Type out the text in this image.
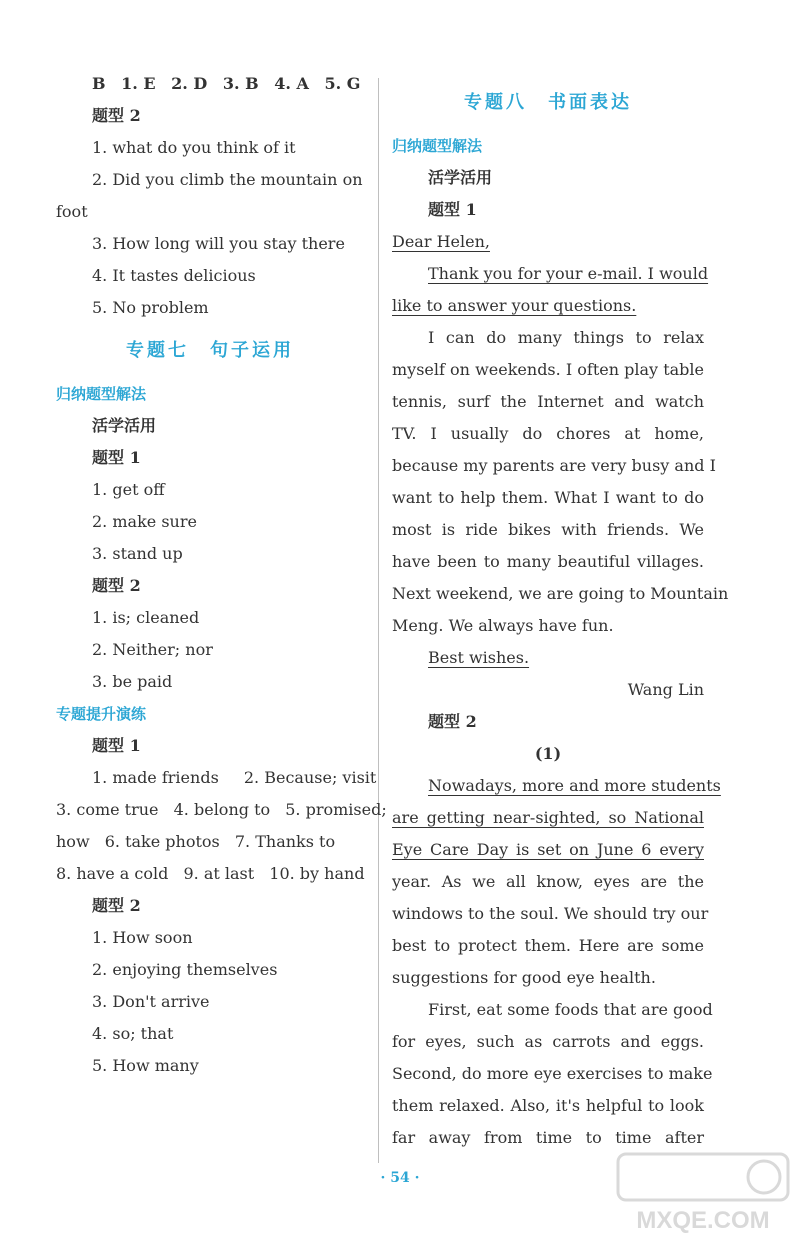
B 1. E 2. D 3. B 4. A 5. G
题型 2
1. what do you think of it
2. Did you climb the mountain on
foot
3. How long will you stay there
4. It tastes delicious
5. No problem
专题七　句子运用
归纳题型解法
活学活用
题型 1
1. get off
2. make sure
3. stand up
题型 2
1. is; cleaned
2. Neither; nor
3. be paid
专题提升演练
题型 1
1. made friends 2. Because; visit
3. come true 4. belong to 5. promised;
how 6. take photos 7. Thanks to
8. have a cold 9. at last 10. by hand
题型 2
1. How soon
2. enjoying themselves
3. Don't arrive
4. so; that
5. How many
专题八　书面表达
归纳题型解法
活学活用
题型 1
Dear Helen,
Thank you for your e-mail. I would
like to answer your questions.
I can do many things to relax
myself on weekends. I often play table
tennis, surf the Internet and watch
TV. I usually do chores at home,
because my parents are very busy and I
want to help them. What I want to do
most is ride bikes with friends. We
have been to many beautiful villages.
Next weekend, we are going to Mountain
Meng. We always have fun.
Best wishes.
Wang Lin
题型 2
(1)
Nowadays, more and more students
are getting near-sighted, so National
Eye Care Day is set on June 6 every
year. As we all know, eyes are the
windows to the soul. We should try our
best to protect them. Here are some
suggestions for good eye health.
First, eat some foods that are good
for eyes, such as carrots and eggs.
Second, do more eye exercises to make
them relaxed. Also, it's helpful to look
far away from time to time after
· 54 ·
MXQE.COM
